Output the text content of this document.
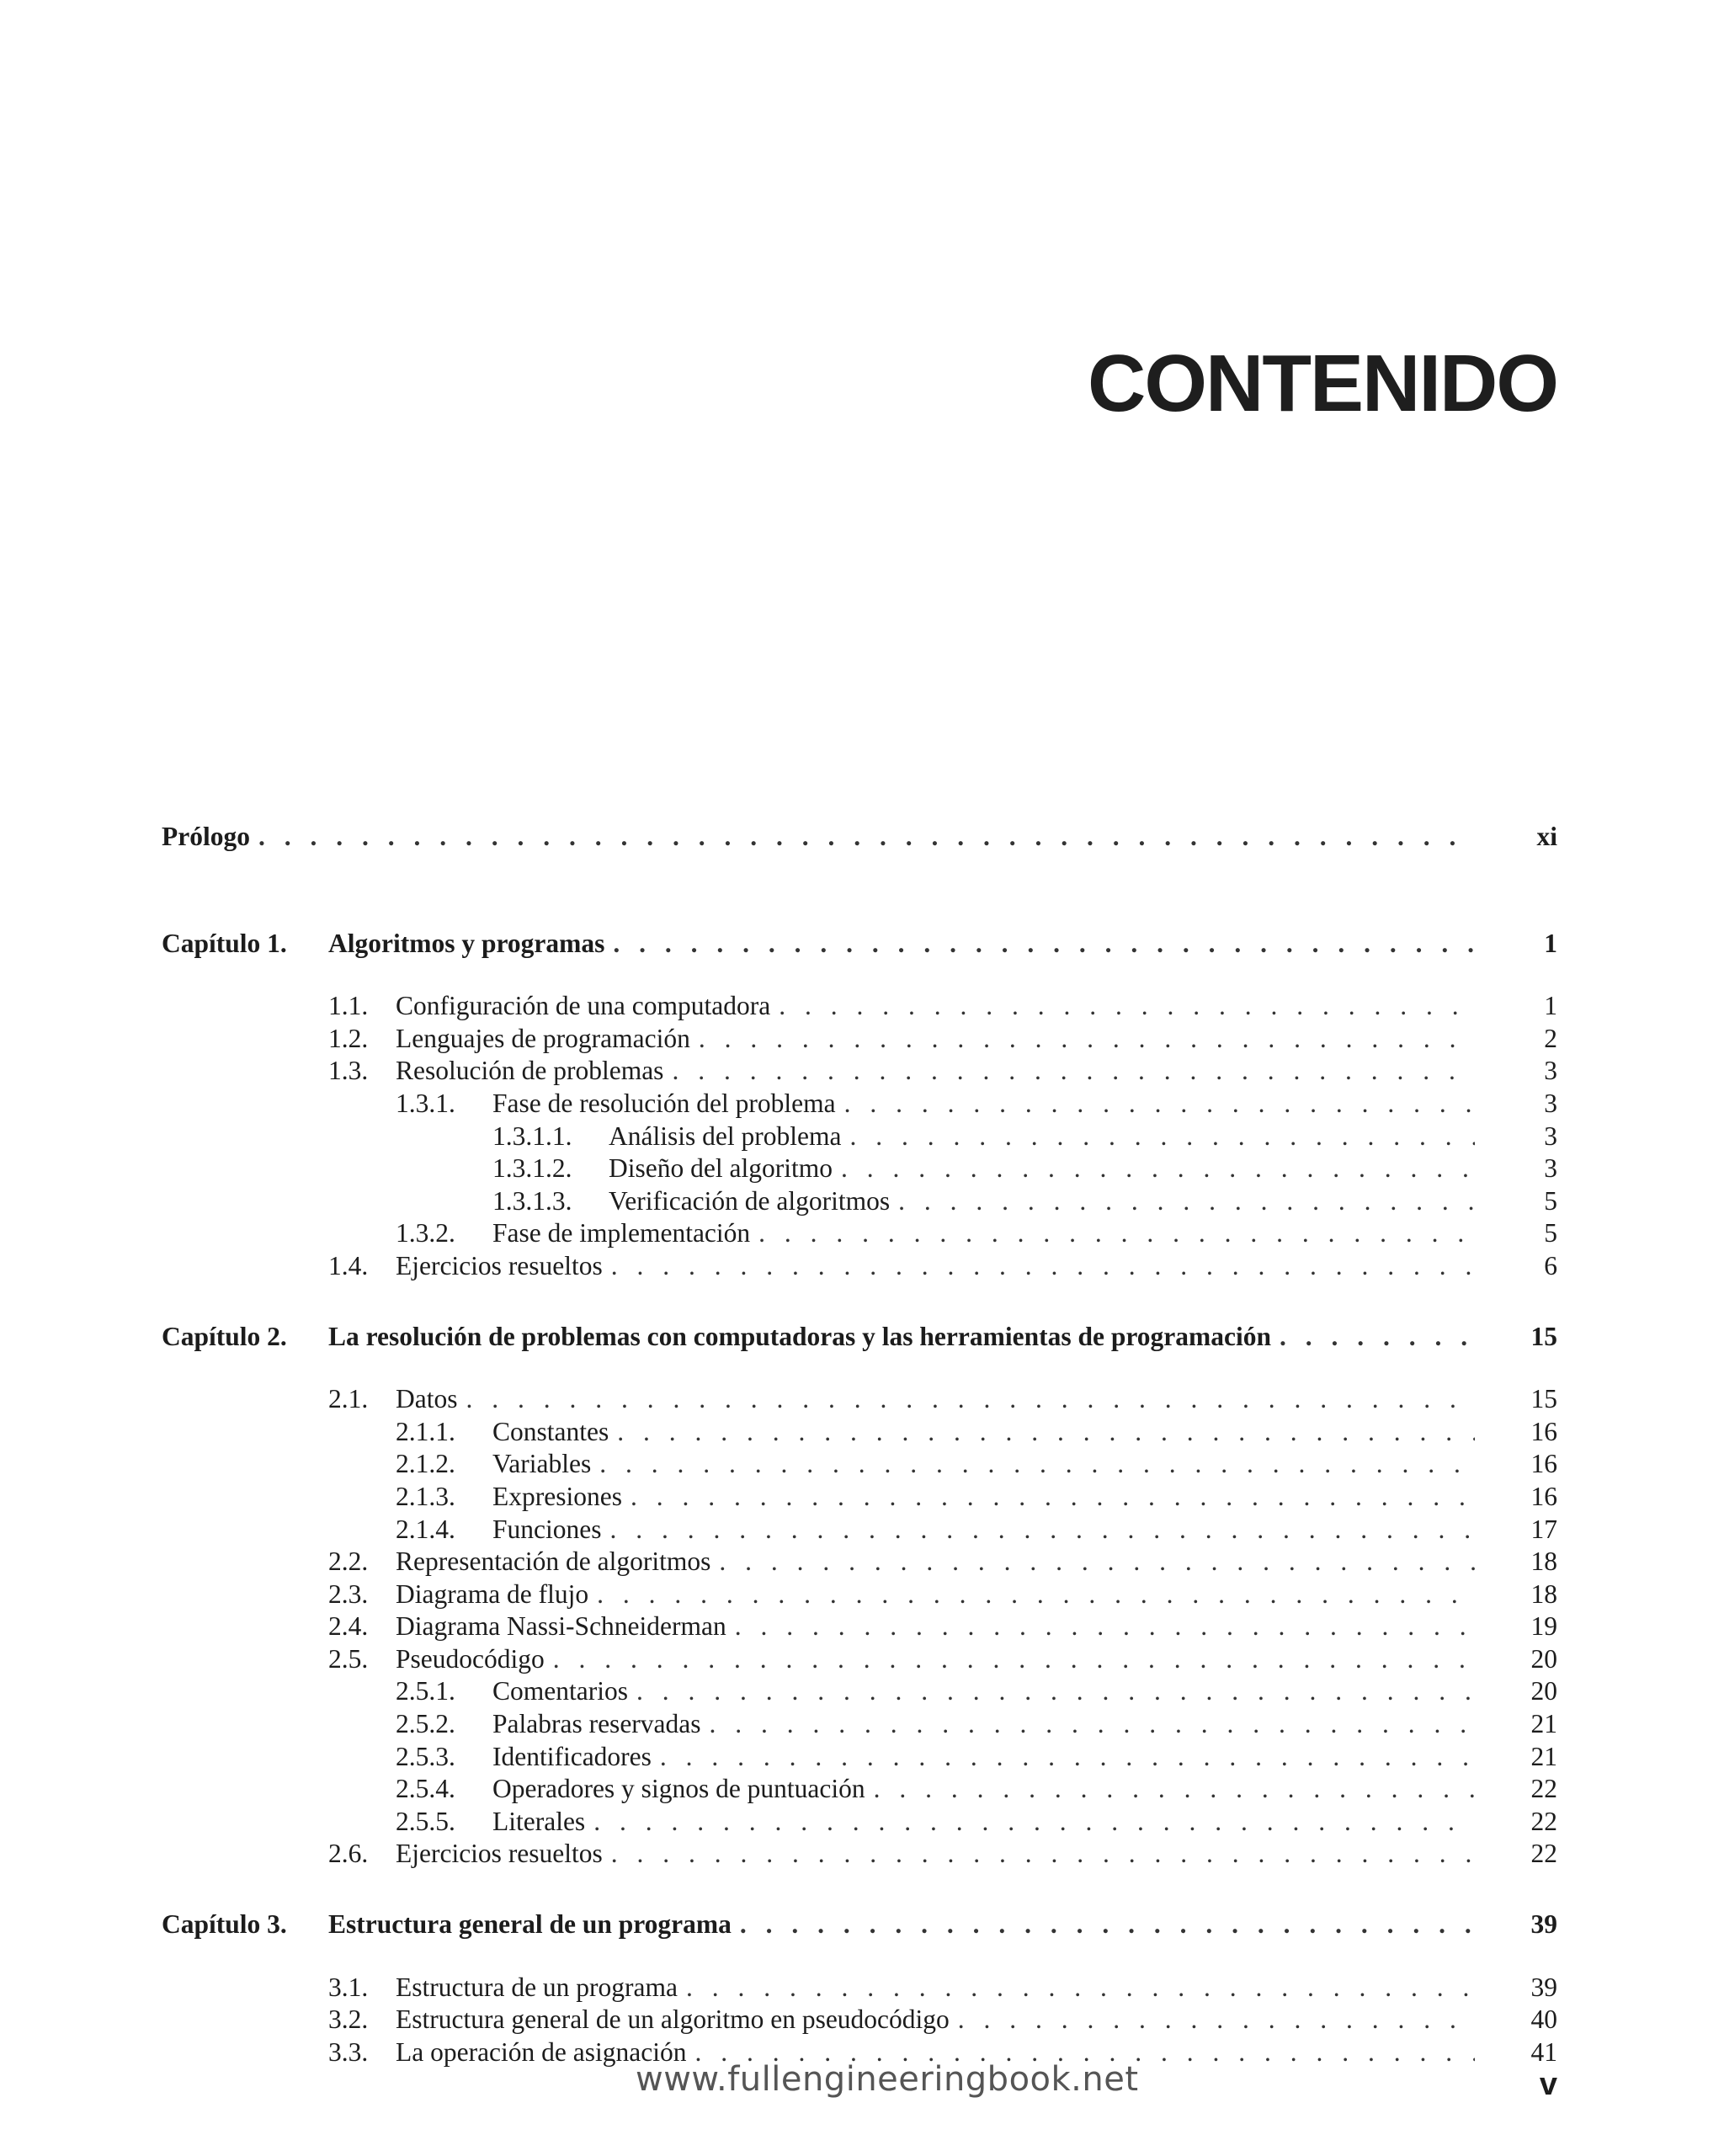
CONTENIDO
Prólogo . . .	xi
Capítulo 1.	Algoritmos y programas . . .	1
1.1.	Configuración de una computadora . . .	1
1.2.	Lenguajes de programación . . .	2
1.3.	Resolución de problemas . . .	3
1.3.1.	Fase de resolución del problema . . .	3
1.3.1.1.	Análisis del problema . . .	3
1.3.1.2.	Diseño del algoritmo . . .	3
1.3.1.3.	Verificación de algoritmos . . .	5
1.3.2.	Fase de implementación . . .	5
1.4.	Ejercicios resueltos . . .	6
Capítulo 2.	La resolución de problemas con computadoras y las herramientas de programación . . .	15
2.1.	Datos . . .	15
2.1.1.	Constantes . . .	16
2.1.2.	Variables . . .	16
2.1.3.	Expresiones . . .	16
2.1.4.	Funciones . . .	17
2.2.	Representación de algoritmos . . .	18
2.3.	Diagrama de flujo . . .	18
2.4.	Diagrama Nassi-Schneiderman . . .	19
2.5.	Pseudocódigo . . .	20
2.5.1.	Comentarios . . .	20
2.5.2.	Palabras reservadas . . .	21
2.5.3.	Identificadores . . .	21
2.5.4.	Operadores y signos de puntuación . . .	22
2.5.5.	Literales . . .	22
2.6.	Ejercicios resueltos . . .	22
Capítulo 3.	Estructura general de un programa . . .	39
3.1.	Estructura de un programa . . .	39
3.2.	Estructura general de un algoritmo en pseudocódigo . . .	40
3.3.	La operación de asignación . . .	41
www.fullengineeringbook.net	v
